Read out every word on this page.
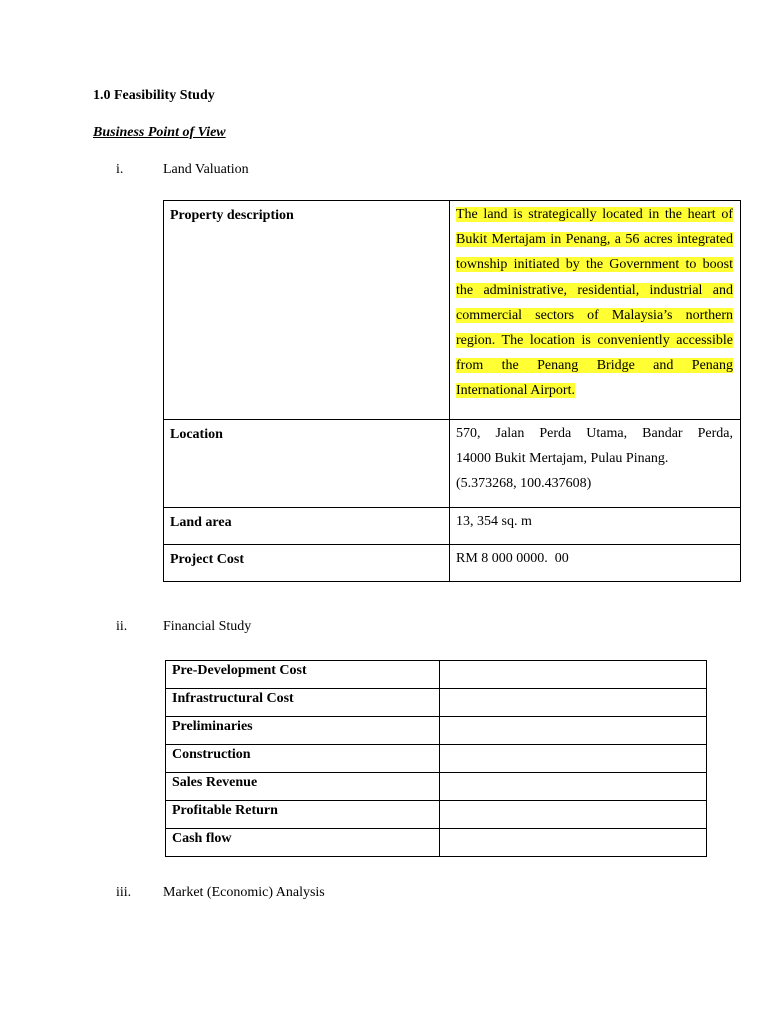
1.0 Feasibility Study
Business Point of View
i.	Land Valuation
Property description	The land is strategically located in the heart of Bukit Mertajam in Penang, a 56 acres integrated township initiated by the Government to boost the administrative, residential, industrial and commercial sectors of Malaysia’s northern region. The location is conveniently accessible from the Penang Bridge and Penang International Airport.
Location	570, Jalan Perda Utama, Bandar Perda,
14000 Bukit Mertajam, Pulau Pinang.
(5.373268, 100.437608)

Land area	13, 354 sq. m
Project Cost	RM 8 000 0000.  00
ii.	Financial Study
Pre-Development Cost	
Infrastructural Cost	
Preliminaries	
Construction	
Sales Revenue	
Profitable Return	
Cash flow	
iii. Market (Economic) Analysis
